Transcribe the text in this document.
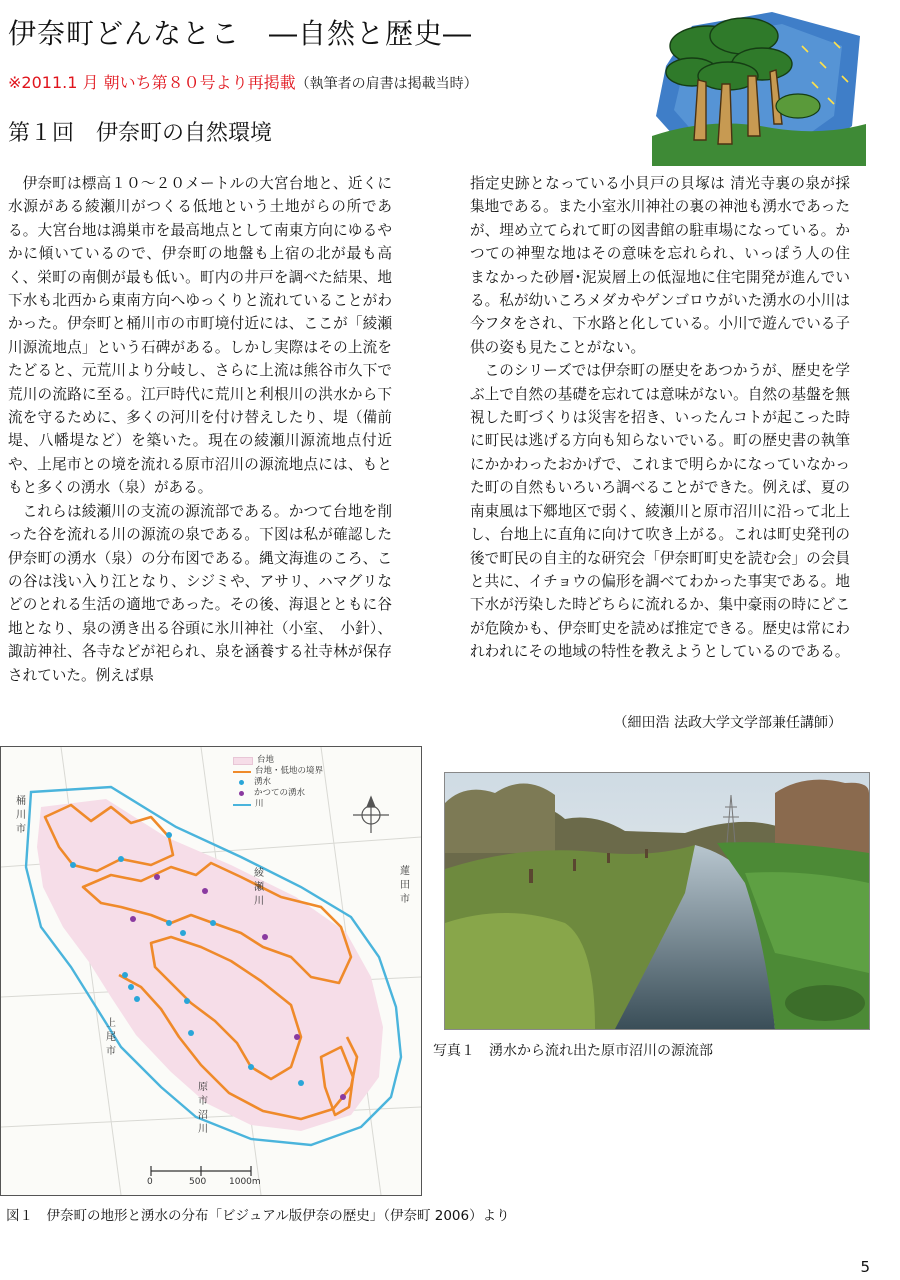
伊奈町どんなとこ　―自然と歴史―
※2011.1 月 朝いち第８０号より再掲載（執筆者の肩書は掲載当時）
第１回　伊奈町の自然環境

伊奈町は標高１０～２０メートルの大宮台地と、近くに水源がある綾瀬川がつくる低地という土地がらの所である。大宮台地は鴻巣市を最高地点として南東方向にゆるやかに傾いているので、伊奈町の地盤も上宿の北が最も高く、栄町の南側が最も低い。町内の井戸を調べた結果、地下水も北西から東南方向へゆっくりと流れていることがわかった。伊奈町と桶川市の市町境付近には、ここが「綾瀬川源流地点」という石碑がある。しかし実際はその上流をたどると、元荒川より分岐し、さらに上流は熊谷市久下で荒川の流路に至る。江戸時代に荒川と利根川の洪水から下流を守るために、多くの河川を付け替えしたり、堤（備前堤、八幡堤など）を築いた。現在の綾瀬川源流地点付近や、上尾市との境を流れる原市沼川の源流地点には、もともと多くの湧水（泉）がある。

これらは綾瀬川の支流の源流部である。かつて台地を削った谷を流れる川の源流の泉である。下図は私が確認した伊奈町の湧水（泉）の分布図である。縄文海進のころ、この谷は浅い入り江となり、シジミや、アサリ、ハマグリなどのとれる生活の適地であった。その後、海退とともに谷地となり、泉の湧き出る谷頭に氷川神社（小室、　小針）、諏訪神社、各寺などが祀られ、泉を涵養する社寺林が保存されていた。例えば県

指定史跡となっている小貝戸の貝塚は 清光寺裏の泉が採集地である。また小室氷川神社の裏の神池も湧水であったが、埋め立てられて町の図書館の駐車場になっている。かつての神聖な地はその意味を忘れられ、いっぽう人の住まなかった砂層･泥炭層上の低湿地に住宅開発が進んでいる。私が幼いころメダカやゲンゴロウがいた湧水の小川は今フタをされ、下水路と化している。小川で遊んでいる子供の姿も見たことがない。

このシリーズでは伊奈町の歴史をあつかうが、歴史を学ぶ上で自然の基礎を忘れては意味がない。自然の基盤を無視した町づくりは災害を招き、いったんコトが起こった時に町民は逃げる方向も知らないでいる。町の歴史書の執筆にかかわったおかげで、これまで明らかになっていなかった町の自然もいろいろ調べることができた。例えば、夏の南東風は下郷地区で弱く、綾瀬川と原市沼川に沿って北上し、台地上に直角に向けて吹き上がる。これは町史発刊の後で町民の自主的な研究会「伊奈町町史を読む会」の会員と共に、イチョウの偏形を調べてわかった事実である。地下水が汚染した時どちらに流れるか、集中豪雨の時にどこが危険かも、伊奈町史を読めば推定できる。歴史は常にわれわれにその地域の特性を教えようとしているのである。

（細田浩 法政大学文学部兼任講師）
台地
台地・低地の境界
湧水
かつての湧水
川
桶川市
綾瀬川
蓮田市
上尾市
原市沼川
0	500	1000m
図１　伊奈町の地形と湧水の分布「ビジュアル版伊奈の歴史」（伊奈町 2006）より
写真１　湧水から流れ出た原市沼川の源流部
5
